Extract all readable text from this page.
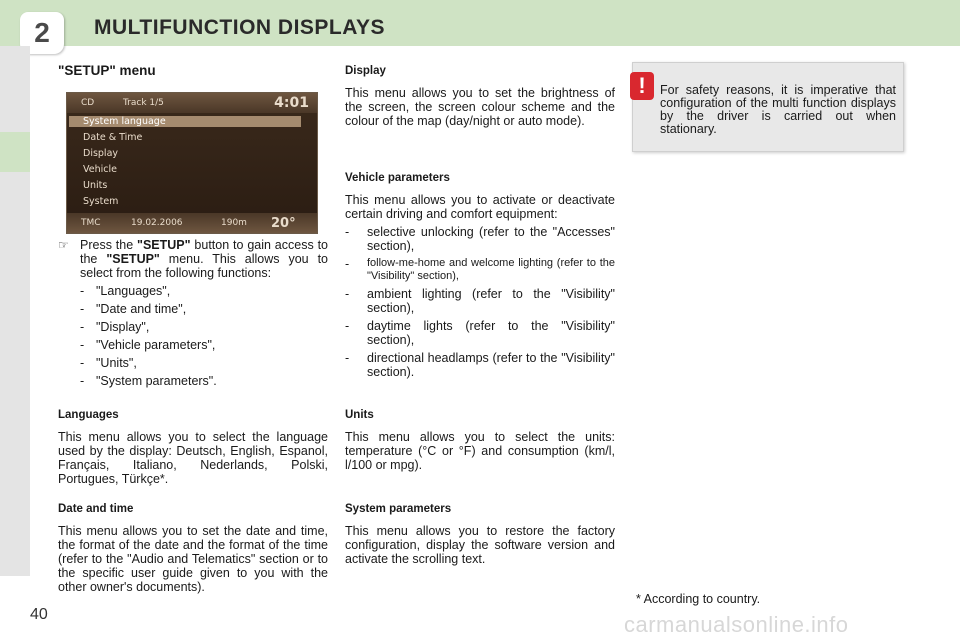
2	MULTIFUNCTION DISPLAYS
40
"SETUP" menu
CD	Track 1/5	4:01
System language
Date & Time
Display
Vehicle
Units
System
TMC	19.02.2006	190m	20°
☞ Press the "SETUP" button to gain access to the "SETUP" menu. This allows you to select from the following functions:

- "Languages",
- "Date and time",
- "Display",
- "Vehicle parameters",
- "Units",
- "System parameters".
Languages

This menu allows you to select the language used by the display: Deutsch, English, Espanol, Français, Italiano, Nederlands, Polski, Portugues, Türkçe*.

Date and time

This menu allows you to set the date and time, the format of the date and the format of the time (refer to the "Audio and Telematics" section or to the specific user guide given to you with the other owner's documents).

Display

This menu allows you to set the brightness of the screen, the screen colour scheme and the colour of the map (day/night or auto mode).

Vehicle parameters

This menu allows you to activate or deactivate certain driving and comfort equipment:

-	selective unlocking (refer to the "Accesses" section),
-	follow-me-home and welcome lighting (refer to the "Visibility" section),
-	ambient lighting (refer to the "Visibility" section),
-	daytime lights (refer to the "Visibility" section),
-	directional headlamps (refer to the "Visibility" section).
Units

This menu allows you to select the units: temperature (°C or °F) and consumption (km/l, l/100 or mpg).

System parameters

This menu allows you to restore the factory configuration, display the software version and activate the scrolling text.

!	For safety reasons, it is imperative that configuration of the multi function displays by the driver is carried out when stationary.
* According to country.
carmanualsonline.info
